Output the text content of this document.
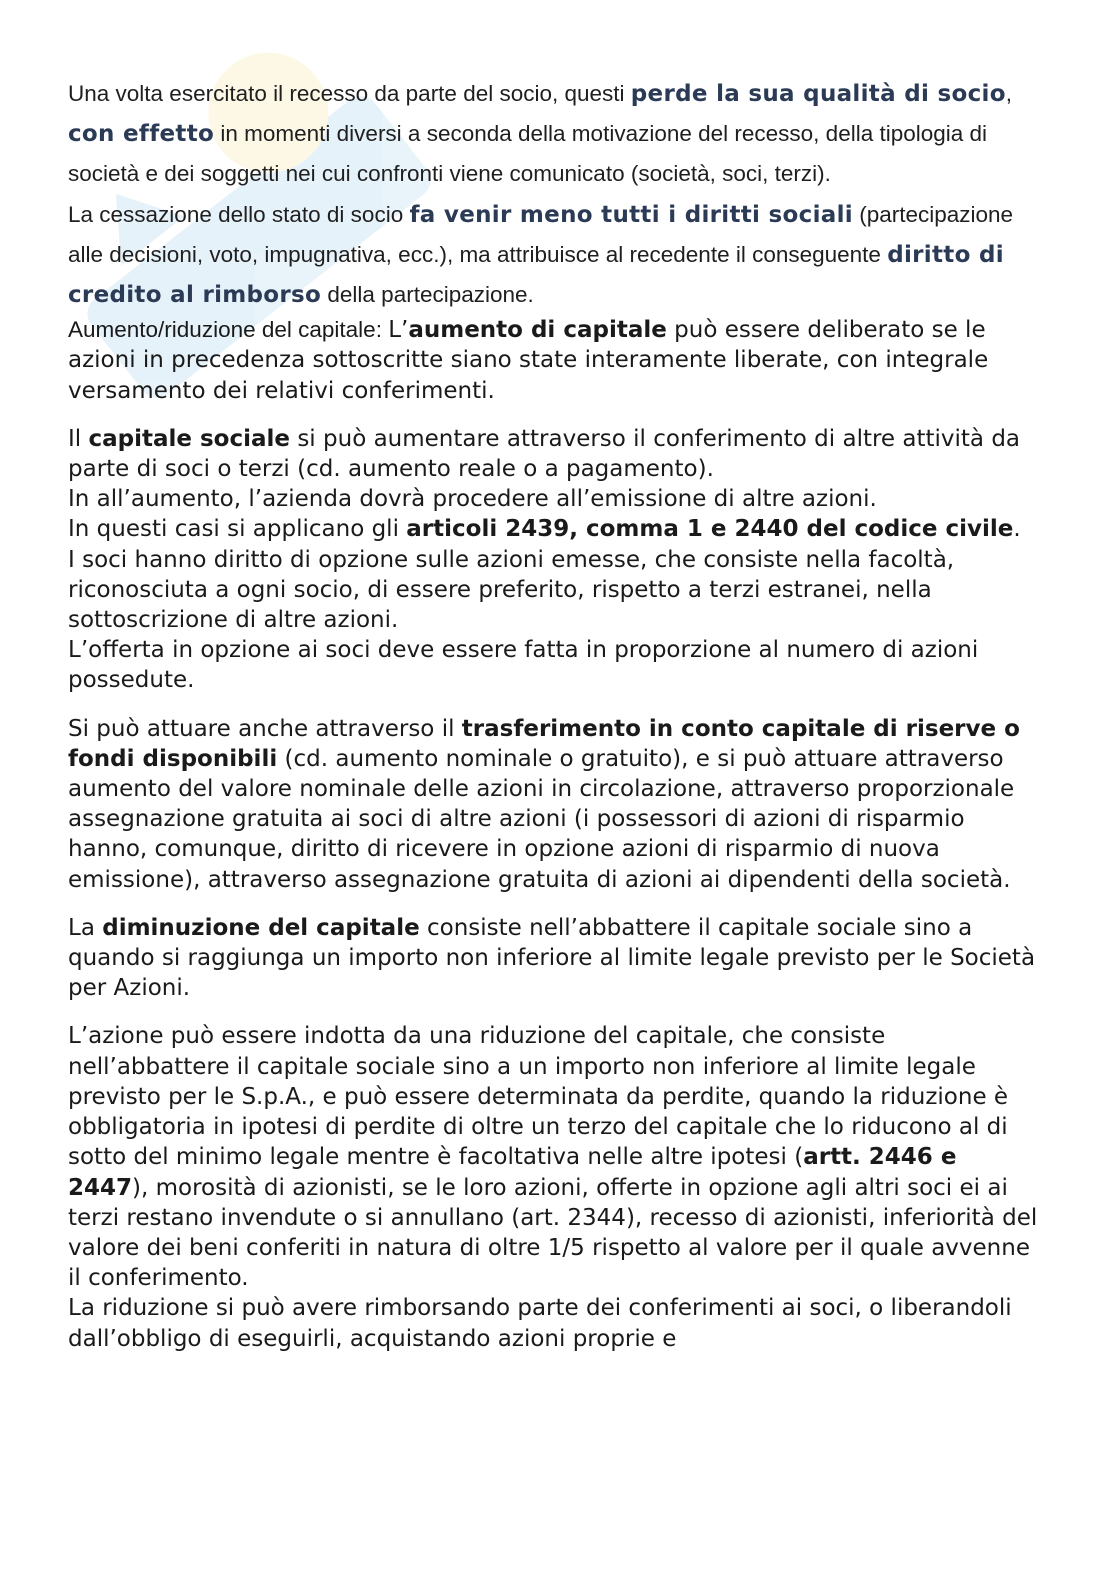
Una volta esercitato il recesso da parte del socio, questi perde la sua qualità di socio, con effetto in momenti diversi a seconda della motivazione del recesso, della tipologia di società e dei soggetti nei cui confronti viene comunicato (società, soci, terzi).

La cessazione dello stato di socio fa venir meno tutti i diritti sociali (partecipazione alle decisioni, voto, impugnativa, ecc.), ma attribuisce al recedente il conseguente diritto di credito al rimborso della partecipazione.

Aumento/riduzione del capitale: L’aumento di capitale può essere deliberato se le azioni in precedenza sottoscritte siano state interamente liberate, con integrale versamento dei relativi conferimenti.

Il capitale sociale si può aumentare attraverso il conferimento di altre attività da parte di soci o terzi (cd. aumento reale o a pagamento).
In all’aumento, l’azienda dovrà procedere all’emissione di altre azioni.
In questi casi si applicano gli articoli 2439, comma 1 e 2440 del codice civile.
I soci hanno diritto di opzione sulle azioni emesse, che consiste nella facoltà, riconosciuta a ogni socio, di essere preferito, rispetto a terzi estranei, nella sottoscrizione di altre azioni.
L’offerta in opzione ai soci deve essere fatta in proporzione al numero di azioni possedute.

Si può attuare anche attraverso il trasferimento in conto capitale di riserve o fondi disponibili (cd. aumento nominale o gratuito), e si può attuare attraverso aumento del valore nominale delle azioni in circolazione, attraverso proporzionale assegnazione gratuita ai soci di altre azioni (i possessori di azioni di risparmio hanno, comunque, diritto di ricevere in opzione azioni di risparmio di nuova emissione), attraverso assegnazione gratuita di azioni ai dipendenti della società.

La diminuzione del capitale consiste nell’abbattere il capitale sociale sino a quando si raggiunga un importo non inferiore al limite legale previsto per le Società per Azioni.

L’azione può essere indotta da una riduzione del capitale, che consiste nell’abbattere il capitale sociale sino a un importo non inferiore al limite legale previsto per le S.p.A., e può essere determinata da perdite, quando la riduzione è obbligatoria in ipotesi di perdite di oltre un terzo del capitale che lo riducono al di sotto del minimo legale mentre è facoltativa nelle altre ipotesi (artt. 2446 e 2447), morosità di azionisti, se le loro azioni, offerte in opzione agli altri soci ei ai terzi restano invendute o si annullano (art. 2344), recesso di azionisti, inferiorità del valore dei beni conferiti in natura di oltre 1/5 rispetto al valore per il quale avvenne il conferimento.
La riduzione si può avere rimborsando parte dei conferimenti ai soci, o liberandoli dall’obbligo di eseguirli, acquistando azioni proprie e
